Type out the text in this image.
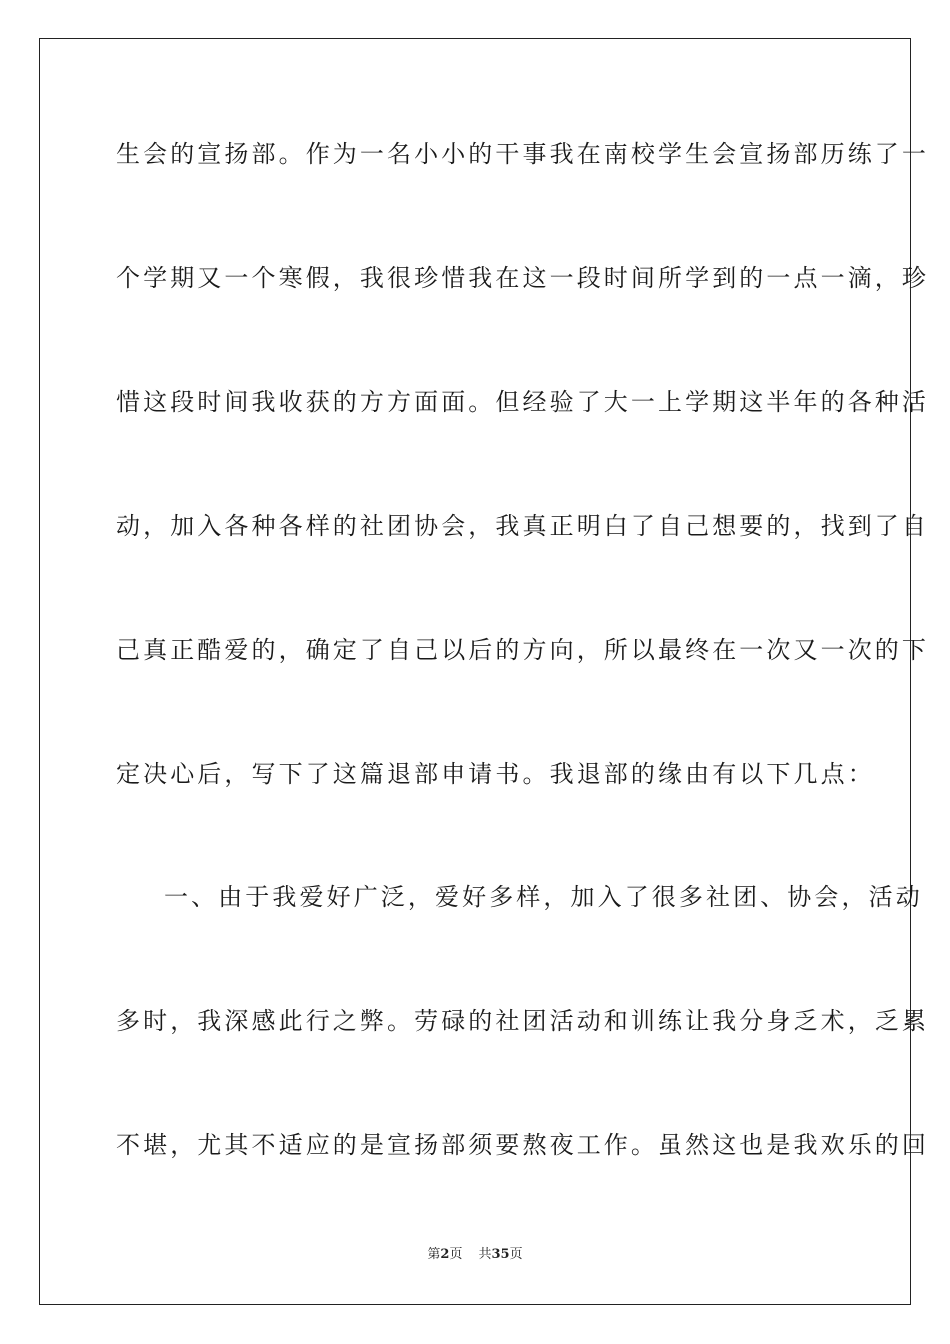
生会的宣扬部。作为一名小小的干事我在南校学生会宣扬部历练了一
个学期又一个寒假，我很珍惜我在这一段时间所学到的一点一滴，珍
惜这段时间我收获的方方面面。但经验了大一上学期这半年的各种活
动，加入各种各样的社团协会，我真正明白了自己想要的，找到了自
己真正酷爱的，确定了自己以后的方向，所以最终在一次又一次的下
定决心后，写下了这篇退部申请书。我退部的缘由有以下几点：
一、由于我爱好广泛，爱好多样，加入了很多社团、协会，活动
多时，我深感此行之弊。劳碌的社团活动和训练让我分身乏术，乏累
不堪，尤其不适应的是宣扬部须要熬夜工作。虽然这也是我欢乐的回
第2页 共35页
